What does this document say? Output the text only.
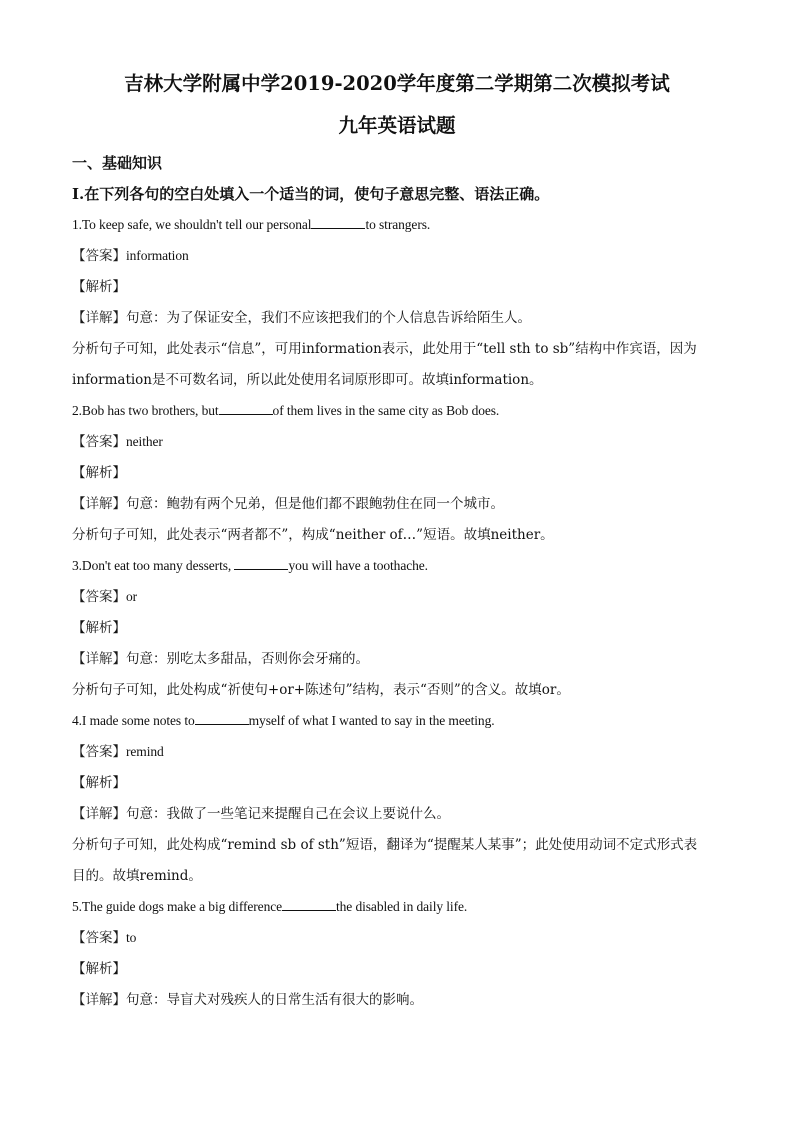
吉林大学附属中学2019-2020学年度第二学期第二次模拟考试
九年英语试题
一、基础知识
I.在下列各句的空白处填入一个适当的词，使句子意思完整、语法正确。
1.To keep safe, we shouldn't tell our personal	to strangers.
【答案】information
【解析】
【详解】句意：为了保证安全，我们不应该把我们的个人信息告诉给陌生人。
分析句子可知，此处表示“信息”，可用information表示，此处用于“tell sth to sb”结构中作宾语，因为
information是不可数名词，所以此处使用名词原形即可。故填information。
2.Bob has two brothers, but	of them lives in the same city as Bob does.
【答案】neither
【解析】
【详解】句意：鲍勃有两个兄弟，但是他们都不跟鲍勃住在同一个城市。
分析句子可知，此处表示“两者都不”，构成“neither of…”短语。故填neither。
3.Don't eat too many desserts,	you will have a toothache.
【答案】or
【解析】
【详解】句意：别吃太多甜品，否则你会牙痛的。
分析句子可知，此处构成“祈使句+or+陈述句”结构，表示“否则”的含义。故填or。
4.I made some notes to	myself of what I wanted to say in the meeting.
【答案】remind
【解析】
【详解】句意：我做了一些笔记来提醒自己在会议上要说什么。
分析句子可知，此处构成“remind sb of sth”短语，翻译为“提醒某人某事”；此处使用动词不定式形式表
目的。故填remind。
5.The guide dogs make a big difference	the disabled in daily life.
【答案】to
【解析】
【详解】句意：导盲犬对残疾人的日常生活有很大的影响。
